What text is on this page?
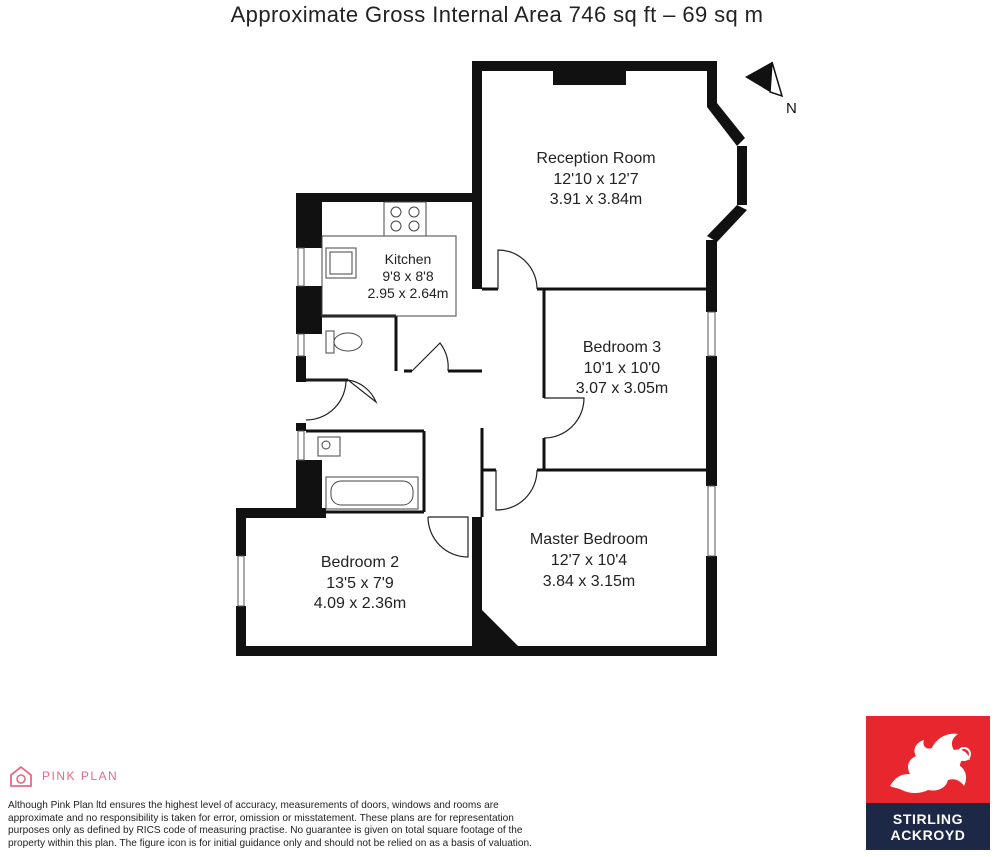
Approximate Gross Internal Area 746 sq ft – 69 sq m
N
Reception Room
12'10 x 12'7
3.91 x 3.84m
Kitchen
9'8 x 8'8
2.95 x 2.64m
Bedroom 3
10'1 x 10'0
3.07 x 3.05m
Master Bedroom
12'7 x 10'4
3.84 x 3.15m
Bedroom 2
13'5 x 7'9
4.09 x 2.36m
PINK PLAN
Although Pink Plan ltd ensures the highest level of accuracy, measurements of doors, windows and rooms are approximate and no responsibility is taken for error, omission or misstatement. These plans are for representation purposes only as defined by RICS code of measuring practise. No guarantee is given on total square footage of the property within this plan. The figure icon is for initial guidance only and should not be relied on as a basis of valuation.
STIRLING
ACKROYD
